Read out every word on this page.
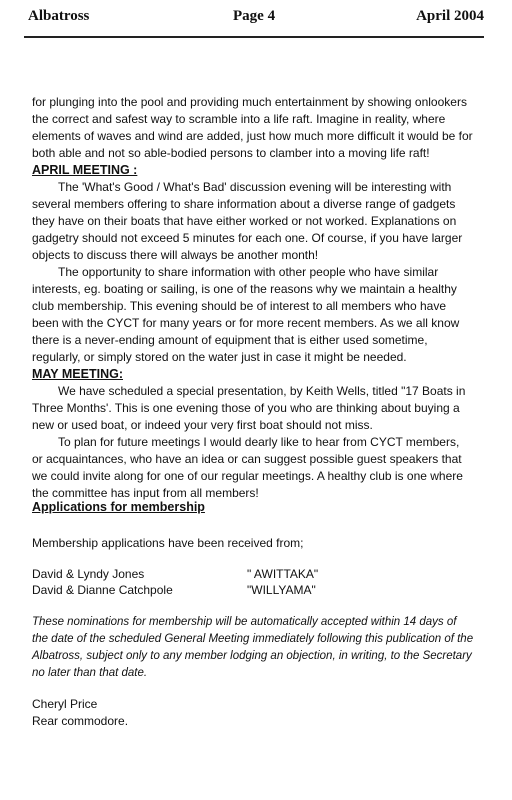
Albatross	Page 4	April 2004

for plunging into the pool and providing much entertainment by showing onlookers the correct and safest way to scramble into a life raft. Imagine in reality, where elements of waves and wind are added, just how much more difficult it would be for both able and not so able-bodied persons to clamber into a moving life raft!

APRIL MEETING :

The 'What's Good / What's Bad' discussion evening will be interesting with several members offering to share information about a diverse range of gadgets they have on their boats that have either worked or not worked. Explanations on gadgetry should not exceed 5 minutes for each one. Of course, if you have larger objects to discuss there will always be another month!

The opportunity to share information with other people who have similar interests, eg. boating or sailing, is one of the reasons why we maintain a healthy club membership. This evening should be of interest to all members who have been with the CYCT for many years or for more recent members. As we all know there is a never-ending amount of equipment that is either used sometime, regularly, or simply stored on the water just in case it might be needed.

MAY MEETING:

We have scheduled a special presentation, by Keith Wells, titled "17 Boats in Three Months'. This is one evening those of you who are thinking about buying a new or used boat, or indeed your very first boat should not miss.

To plan for future meetings I would dearly like to hear from CYCT members, or acquaintances, who have an idea or can suggest possible guest speakers that we could invite along for one of our regular meetings. A healthy club is one where the committee has input from all members!

Applications for membership
Membership applications have been received from;
David & Lyndy Jones	" AWITTAKA"
David & Dianne Catchpole	"WILLYAMA"
These nominations for membership will be automatically accepted within 14 days of the date of the scheduled General Meeting immediately following this publication of the Albatross, subject only to any member lodging an objection, in writing, to the Secretary no later than that date.
Cheryl Price
Rear commodore.
